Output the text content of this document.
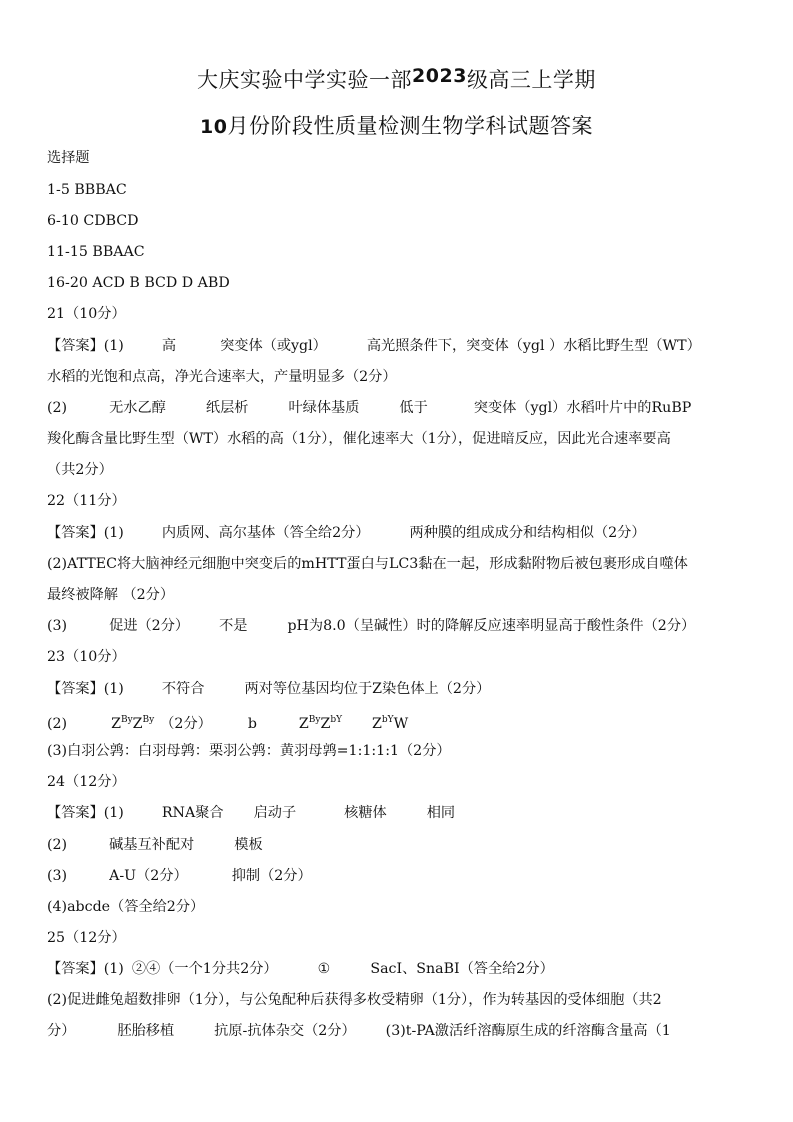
大庆实验中学实验一部2023级高三上学期
10月份阶段性质量检测生物学科试题答案
选择题
1-5 BBBAC
6-10 CDBCD
11-15 BBAAC
16-20 ACD B BCD D ABD
21（10分）
【答案】(1)	高	突变体（或ygl）	高光照条件下，突变体（ygl ）水稻比野生型（WT）
水稻的光饱和点高，净光合速率大，产量明显多（2分）
(2)	无水乙醇	纸层析	叶绿体基质	低于	突变体（ygl）水稻叶片中的RuBP
羧化酶含量比野生型（WT）水稻的高（1分），催化速率大（1分），促进暗反应，因此光合速率要高
（共2分）
22（11分）
【答案】(1)	内质网、高尔基体（答全给2分）	两种膜的组成成分和结构相似（2分）
(2)ATTEC将大脑神经元细胞中突变后的mHTT蛋白与LC3黏在一起，形成黏附物后被包裹形成自噬体
最终被降解 （2分）
(3)	促进（2分） 不是	pH为8.0（呈碱性）时的降解反应速率明显高于酸性条件（2分）
23（10分）
【答案】(1)	不符合	两对等位基因均位于Z染色体上（2分）
(2)	$Z^{By}Z^{By}$ （2分）	b	$Z^{By}Z^{bY}$ $Z^{bY}W$
(3)白羽公鹑：白羽母鹑：栗羽公鹑：黄羽母鹑=1:1:1:1（2分）
24（12分）
【答案】(1)	RNA聚合 启动子	核糖体	相同
(2)	碱基互补配对	模板
(3)	A-U（2分）	抑制（2分）
(4)abcde（答全给2分）
25（12分）
【答案】(1) ②④（一个1分共2分）	①	SacⅠ、SnaBⅠ（答全给2分）
(2)促进雌兔超数排卵（1分），与公兔配种后获得多枚受精卵（1分），作为转基因的受体细胞（共2
分）	胚胎移植	抗原-抗体杂交（2分） (3)t-PA激活纤溶酶原生成的纤溶酶含量高（1
